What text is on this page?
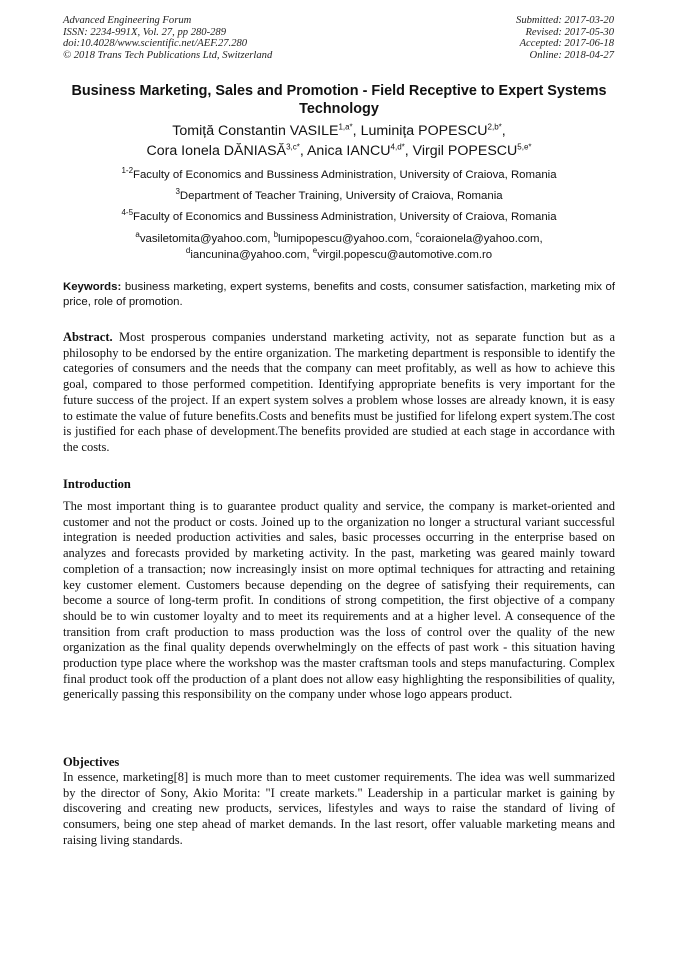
Advanced Engineering Forum
ISSN: 2234-991X, Vol. 27, pp 280-289
doi:10.4028/www.scientific.net/AEF.27.280
© 2018 Trans Tech Publications Ltd, Switzerland
Submitted: 2017-03-20
Revised: 2017-05-30
Accepted: 2017-06-18
Online: 2018-04-27
Business Marketing, Sales and Promotion - Field Receptive to Expert Systems Technology
Tomiță Constantin $VASILE^{1,a*}$, Luminița $POPESCU^{2,b*}$,
Cora Ionela $DĂNIASĂ^{3,c*}$, Anica $IANCU^{4,d*}$, Virgil $POPESCU^{5,e*}$
$^{1-2}$Faculty of Economics and Bussiness Administration, University of Craiova, Romania
$^3$Department of Teacher Training, University of Craiova, Romania
$^{4-5}$Faculty of Economics and Bussiness Administration, University of Craiova, Romania
$^a$vasiletomita@yahoo.com, $^b$lumipopescu@yahoo.com, $^c$coraionela@yahoo.com,
$^d$iancunina@yahoo.com, $^e$virgil.popescu@automotive.com.ro
Keywords: business marketing, expert systems, benefits and costs, consumer satisfaction, marketing mix of price, role of promotion.
Abstract. Most prosperous companies understand marketing activity, not as separate function but as a philosophy to be endorsed by the entire organization. The marketing department is responsible to identify the categories of consumers and the needs that the company can meet profitably, as well as how to achieve this goal, compared to those performed competition. Identifying appropriate benefits is very important for the future success of the project. If an expert system solves a problem whose losses are already known, it is easy to estimate the value of future benefits.Costs and benefits must be justified for lifelong expert system.The cost is justified for each phase of development.The benefits provided are studied at each stage in accordance with the costs.
Introduction
The most important thing is to guarantee product quality and service, the company is market-oriented and customer and not the product or costs. Joined up to the organization no longer a structural variant successful integration is needed production activities and sales, basic processes occurring in the enterprise based on analyzes and forecasts provided by marketing activity. In the past, marketing was geared mainly toward completion of a transaction; now increasingly insist on more optimal techniques for attracting and retaining key customer element. Customers because depending on the degree of satisfying their requirements, can become a source of long-term profit. In conditions of strong competition, the first objective of a company should be to win customer loyalty and to meet its requirements and at a higher level. A consequence of the transition from craft production to mass production was the loss of control over the quality of the new organization as the final quality depends overwhelmingly on the effects of past work - this situation having production type place where the workshop was the master craftsman tools and steps manufacturing. Complex final product took off the production of a plant does not allow easy highlighting the responsibilities of quality, generically passing this responsibility on the company under whose logo appears product.
Objectives
In essence, marketing[8] is much more than to meet customer requirements. The idea was well summarized by the director of Sony, Akio Morita: "I create markets." Leadership in a particular market is gaining by discovering and creating new products, services, lifestyles and ways to raise the standard of living of consumers, being one step ahead of market demands. In the last resort, offer valuable marketing means and raising living standards.
